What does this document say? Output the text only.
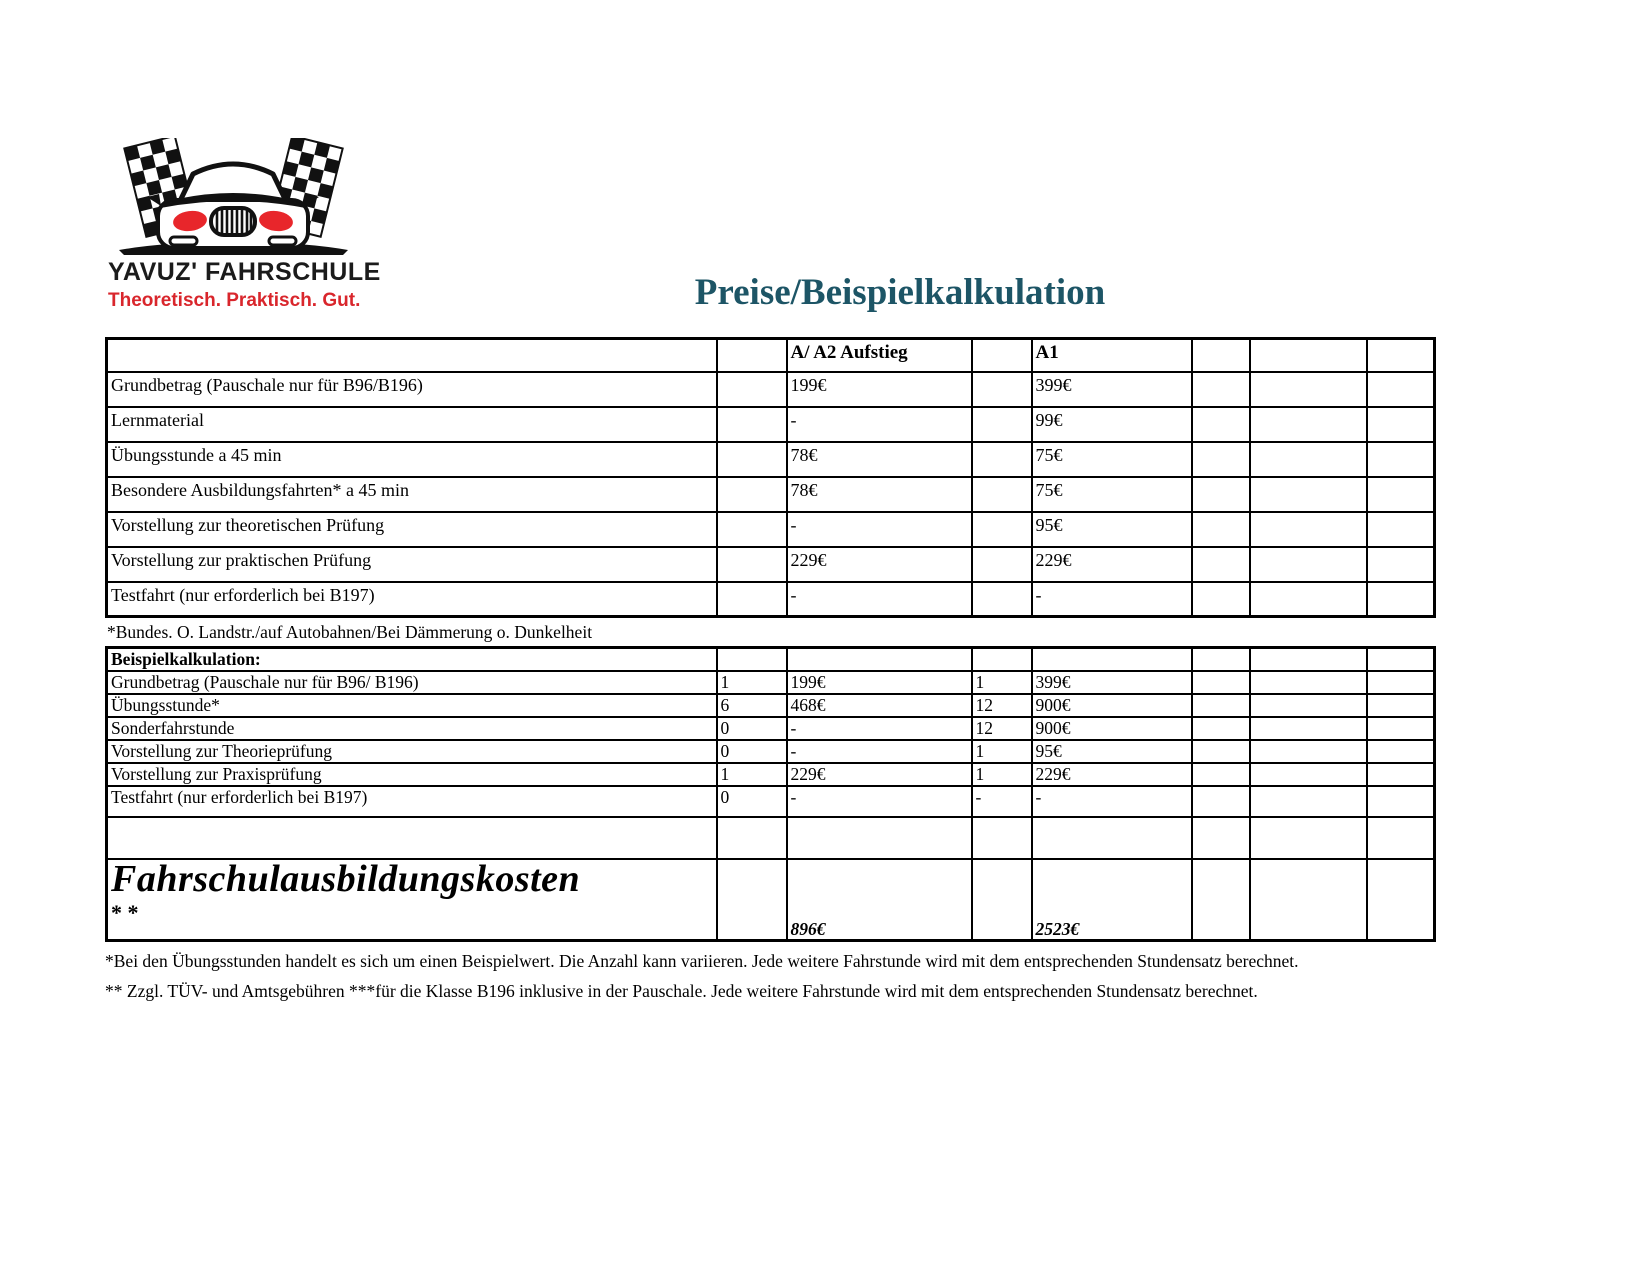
YAVUZ' FAHRSCHULE
Theoretisch. Praktisch. Gut.	Preise/Beispielkalkulation
		A/ A2 Aufstieg		A1			
Grundbetrag (Pauschale nur für B96/B196)		199€		399€			
Lernmaterial		-		99€			
Übungsstunde a 45 min		78€		75€			
Besondere Ausbildungsfahrten* a 45 min		78€		75€			
Vorstellung zur theoretischen Prüfung		-		95€			
Vorstellung zur praktischen Prüfung		229€		229€			
Testfahrt (nur erforderlich bei B197)		-		-			
*Bundes. O. Landstr./auf Autobahnen/Bei Dämmerung o. Dunkelheit
Beispielkalkulation:							
Grundbetrag (Pauschale nur für B96/ B196)	1	199€	1	399€			
Übungsstunde*	6	468€	12	900€			
Sonderfahrstunde	0	-	12	900€			
Vorstellung zur Theorieprüfung	0	-	1	95€			
Vorstellung zur Praxisprüfung	1	229€	1	229€			
Testfahrt (nur erforderlich bei B197)	0	-	-	-			

Fahrschulausbildungskosten
* *		896€		2523€			
*Bei den Übungsstunden handelt es sich um einen Beispielwert. Die Anzahl kann variieren. Jede weitere Fahrstunde wird mit dem entsprechenden Stundensatz berechnet.
** Zzgl. TÜV- und Amtsgebühren ***für die Klasse B196 inklusive in der Pauschale. Jede weitere Fahrstunde wird mit dem entsprechenden Stundensatz berechnet.
